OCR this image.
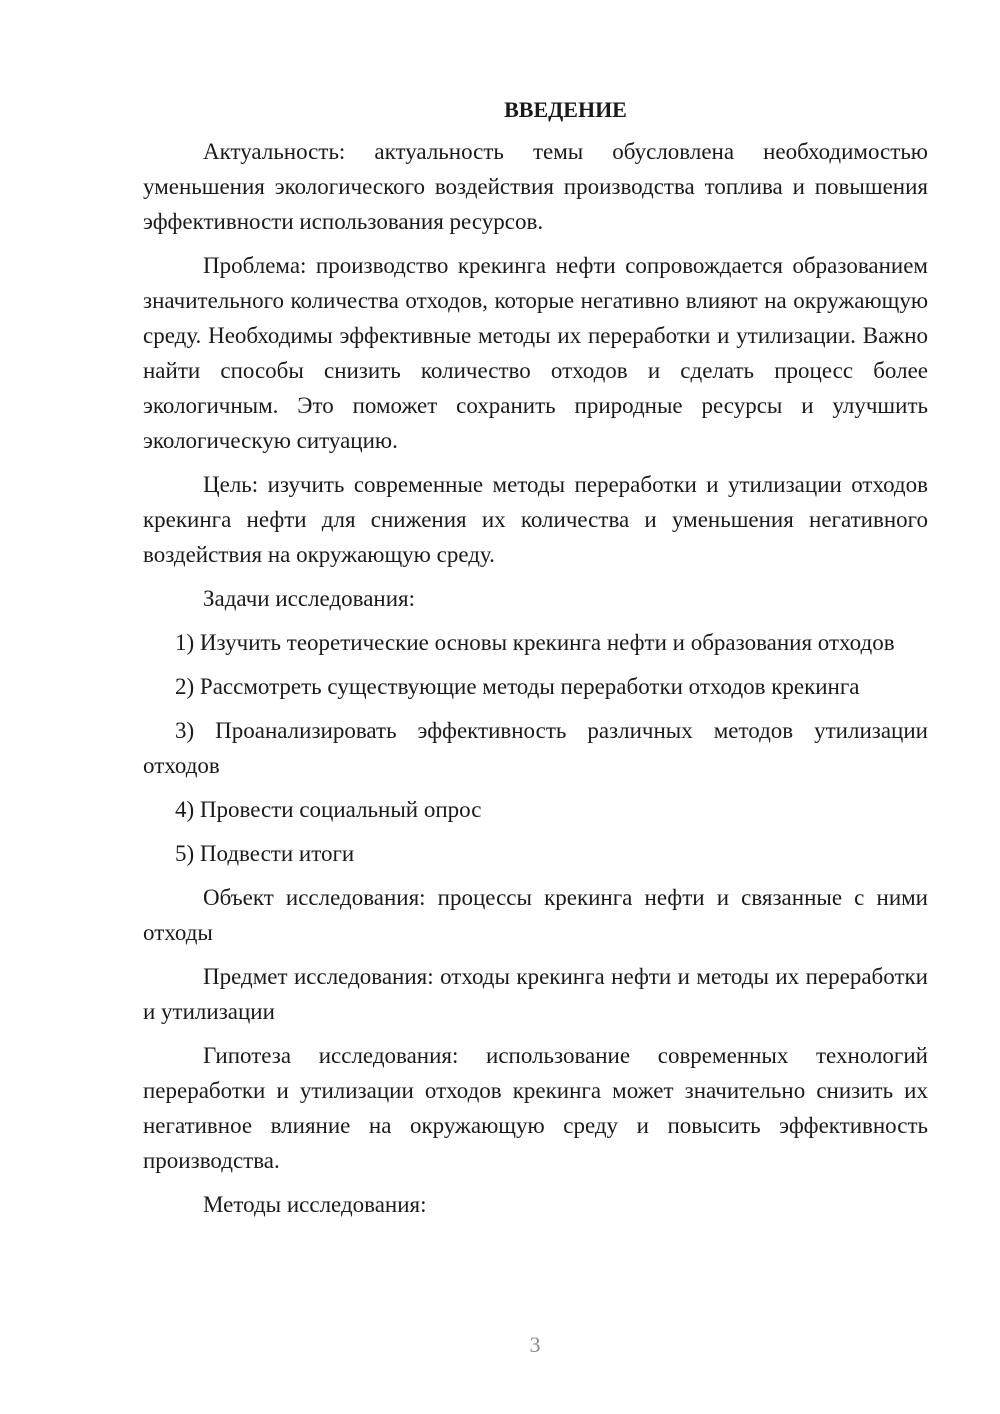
ВВЕДЕНИЕ

Актуальность: актуальность темы обусловлена необходимостью уменьшения экологического воздействия производства топлива и повышения эффективности использования ресурсов.

Проблема: производство крекинга нефти сопровождается образованием значительного количества отходов, которые негативно влияют на окружающую среду. Необходимы эффективные методы их переработки и утилизации. Важно найти способы снизить количество отходов и сделать процесс более экологичным. Это поможет сохранить природные ресурсы и улучшить экологическую ситуацию.

Цель: изучить современные методы переработки и утилизации отходов крекинга нефти для снижения их количества и уменьшения негативного воздействия на окружающую среду.

Задачи исследования:

1) Изучить теоретические основы крекинга нефти и образования отходов

2) Рассмотреть существующие методы переработки отходов крекинга

3) Проанализировать эффективность различных методов утилизации отходов

4) Провести социальный опрос

5) Подвести итоги

Объект исследования: процессы крекинга нефти и связанные с ними отходы

Предмет исследования: отходы крекинга нефти и методы их переработки и утилизации

Гипотеза исследования: использование современных технологий переработки и утилизации отходов крекинга может значительно снизить их негативное влияние на окружающую среду и повысить эффективность производства.

Методы исследования:

3
